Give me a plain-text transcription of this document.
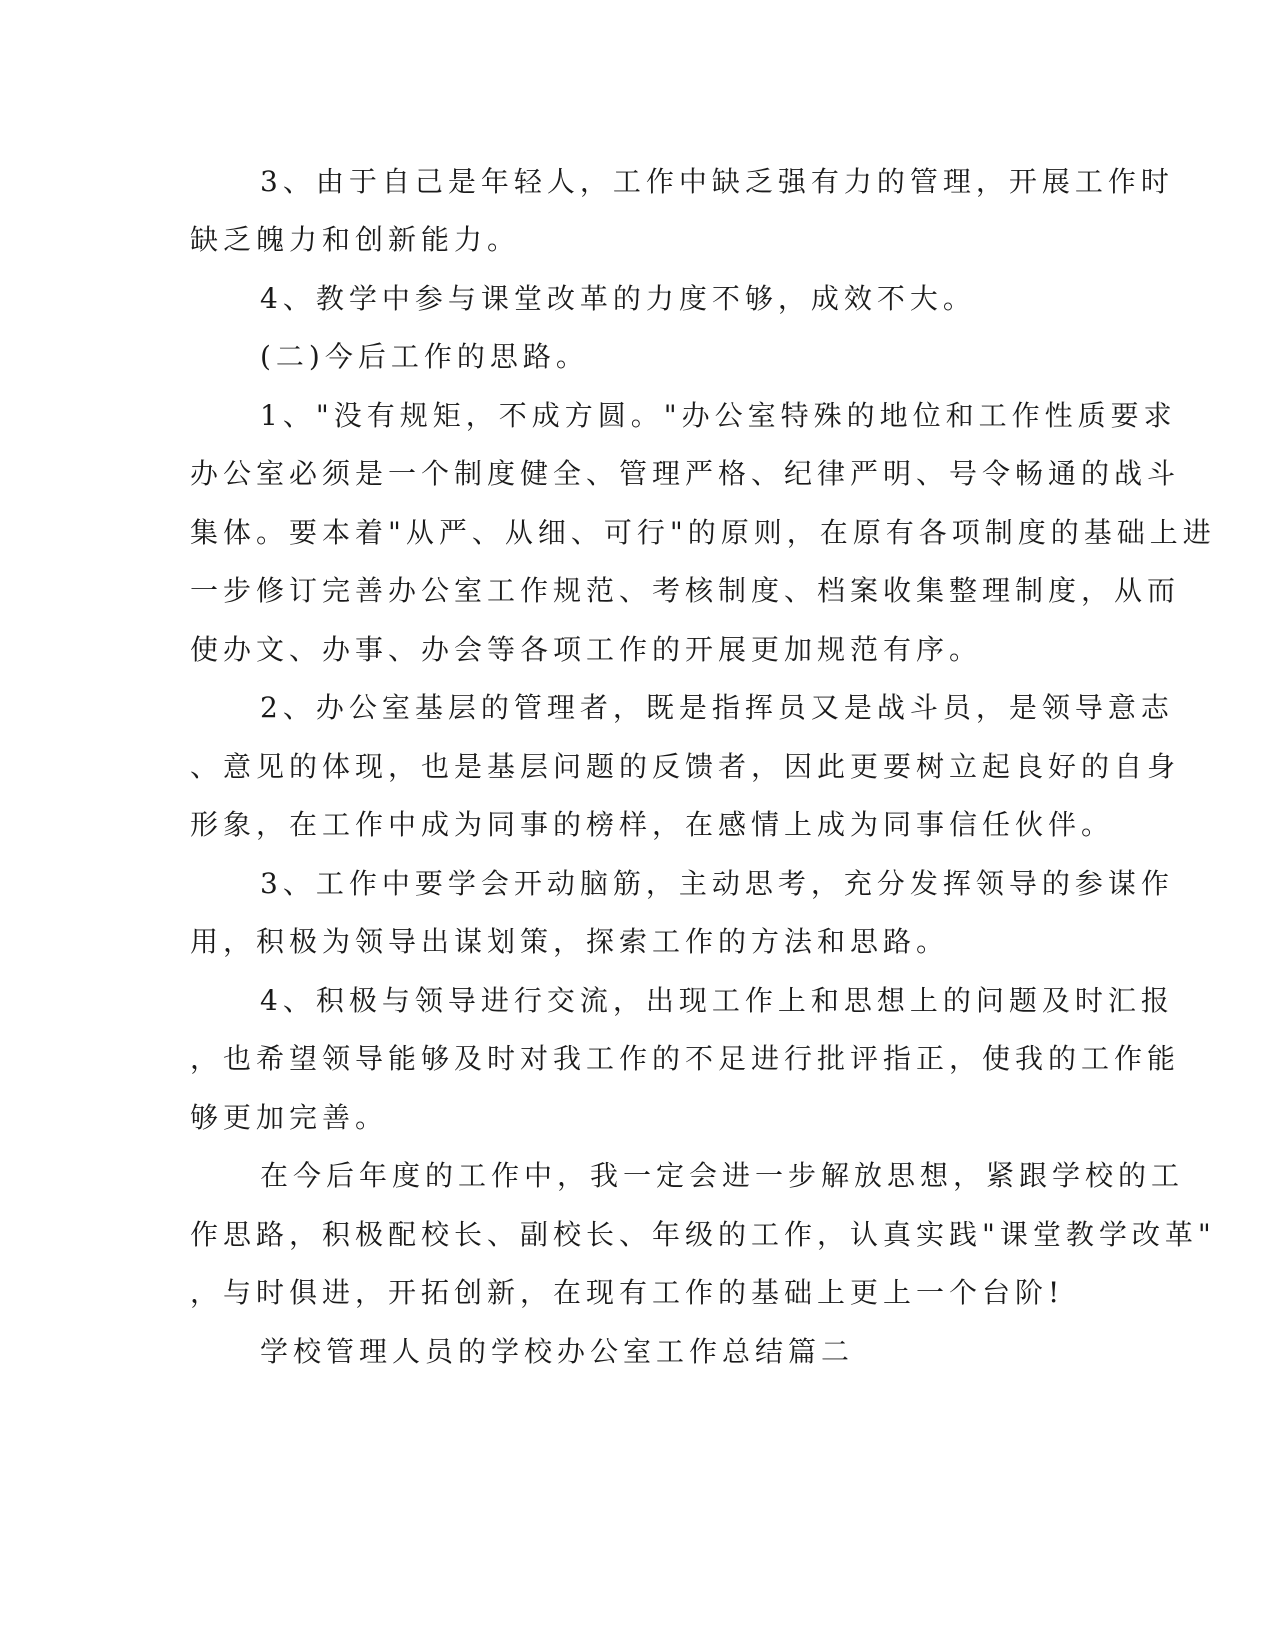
3、由于自己是年轻人，工作中缺乏强有力的管理，开展工作时
缺乏魄力和创新能力。
4、教学中参与课堂改革的力度不够，成效不大。
(二)今后工作的思路。
1、"没有规矩，不成方圆。"办公室特殊的地位和工作性质要求
办公室必须是一个制度健全、管理严格、纪律严明、号令畅通的战斗
集体。要本着"从严、从细、可行"的原则，在原有各项制度的基础上进
一步修订完善办公室工作规范、考核制度、档案收集整理制度，从而
使办文、办事、办会等各项工作的开展更加规范有序。
2、办公室基层的管理者，既是指挥员又是战斗员，是领导意志
、意见的体现，也是基层问题的反馈者，因此更要树立起良好的自身
形象，在工作中成为同事的榜样，在感情上成为同事信任伙伴。
3、工作中要学会开动脑筋，主动思考，充分发挥领导的参谋作
用，积极为领导出谋划策，探索工作的方法和思路。
4、积极与领导进行交流，出现工作上和思想上的问题及时汇报
，也希望领导能够及时对我工作的不足进行批评指正，使我的工作能
够更加完善。
在今后年度的工作中，我一定会进一步解放思想，紧跟学校的工
作思路，积极配校长、副校长、年级的工作，认真实践"课堂教学改革"
，与时俱进，开拓创新，在现有工作的基础上更上一个台阶!
学校管理人员的学校办公室工作总结篇二
